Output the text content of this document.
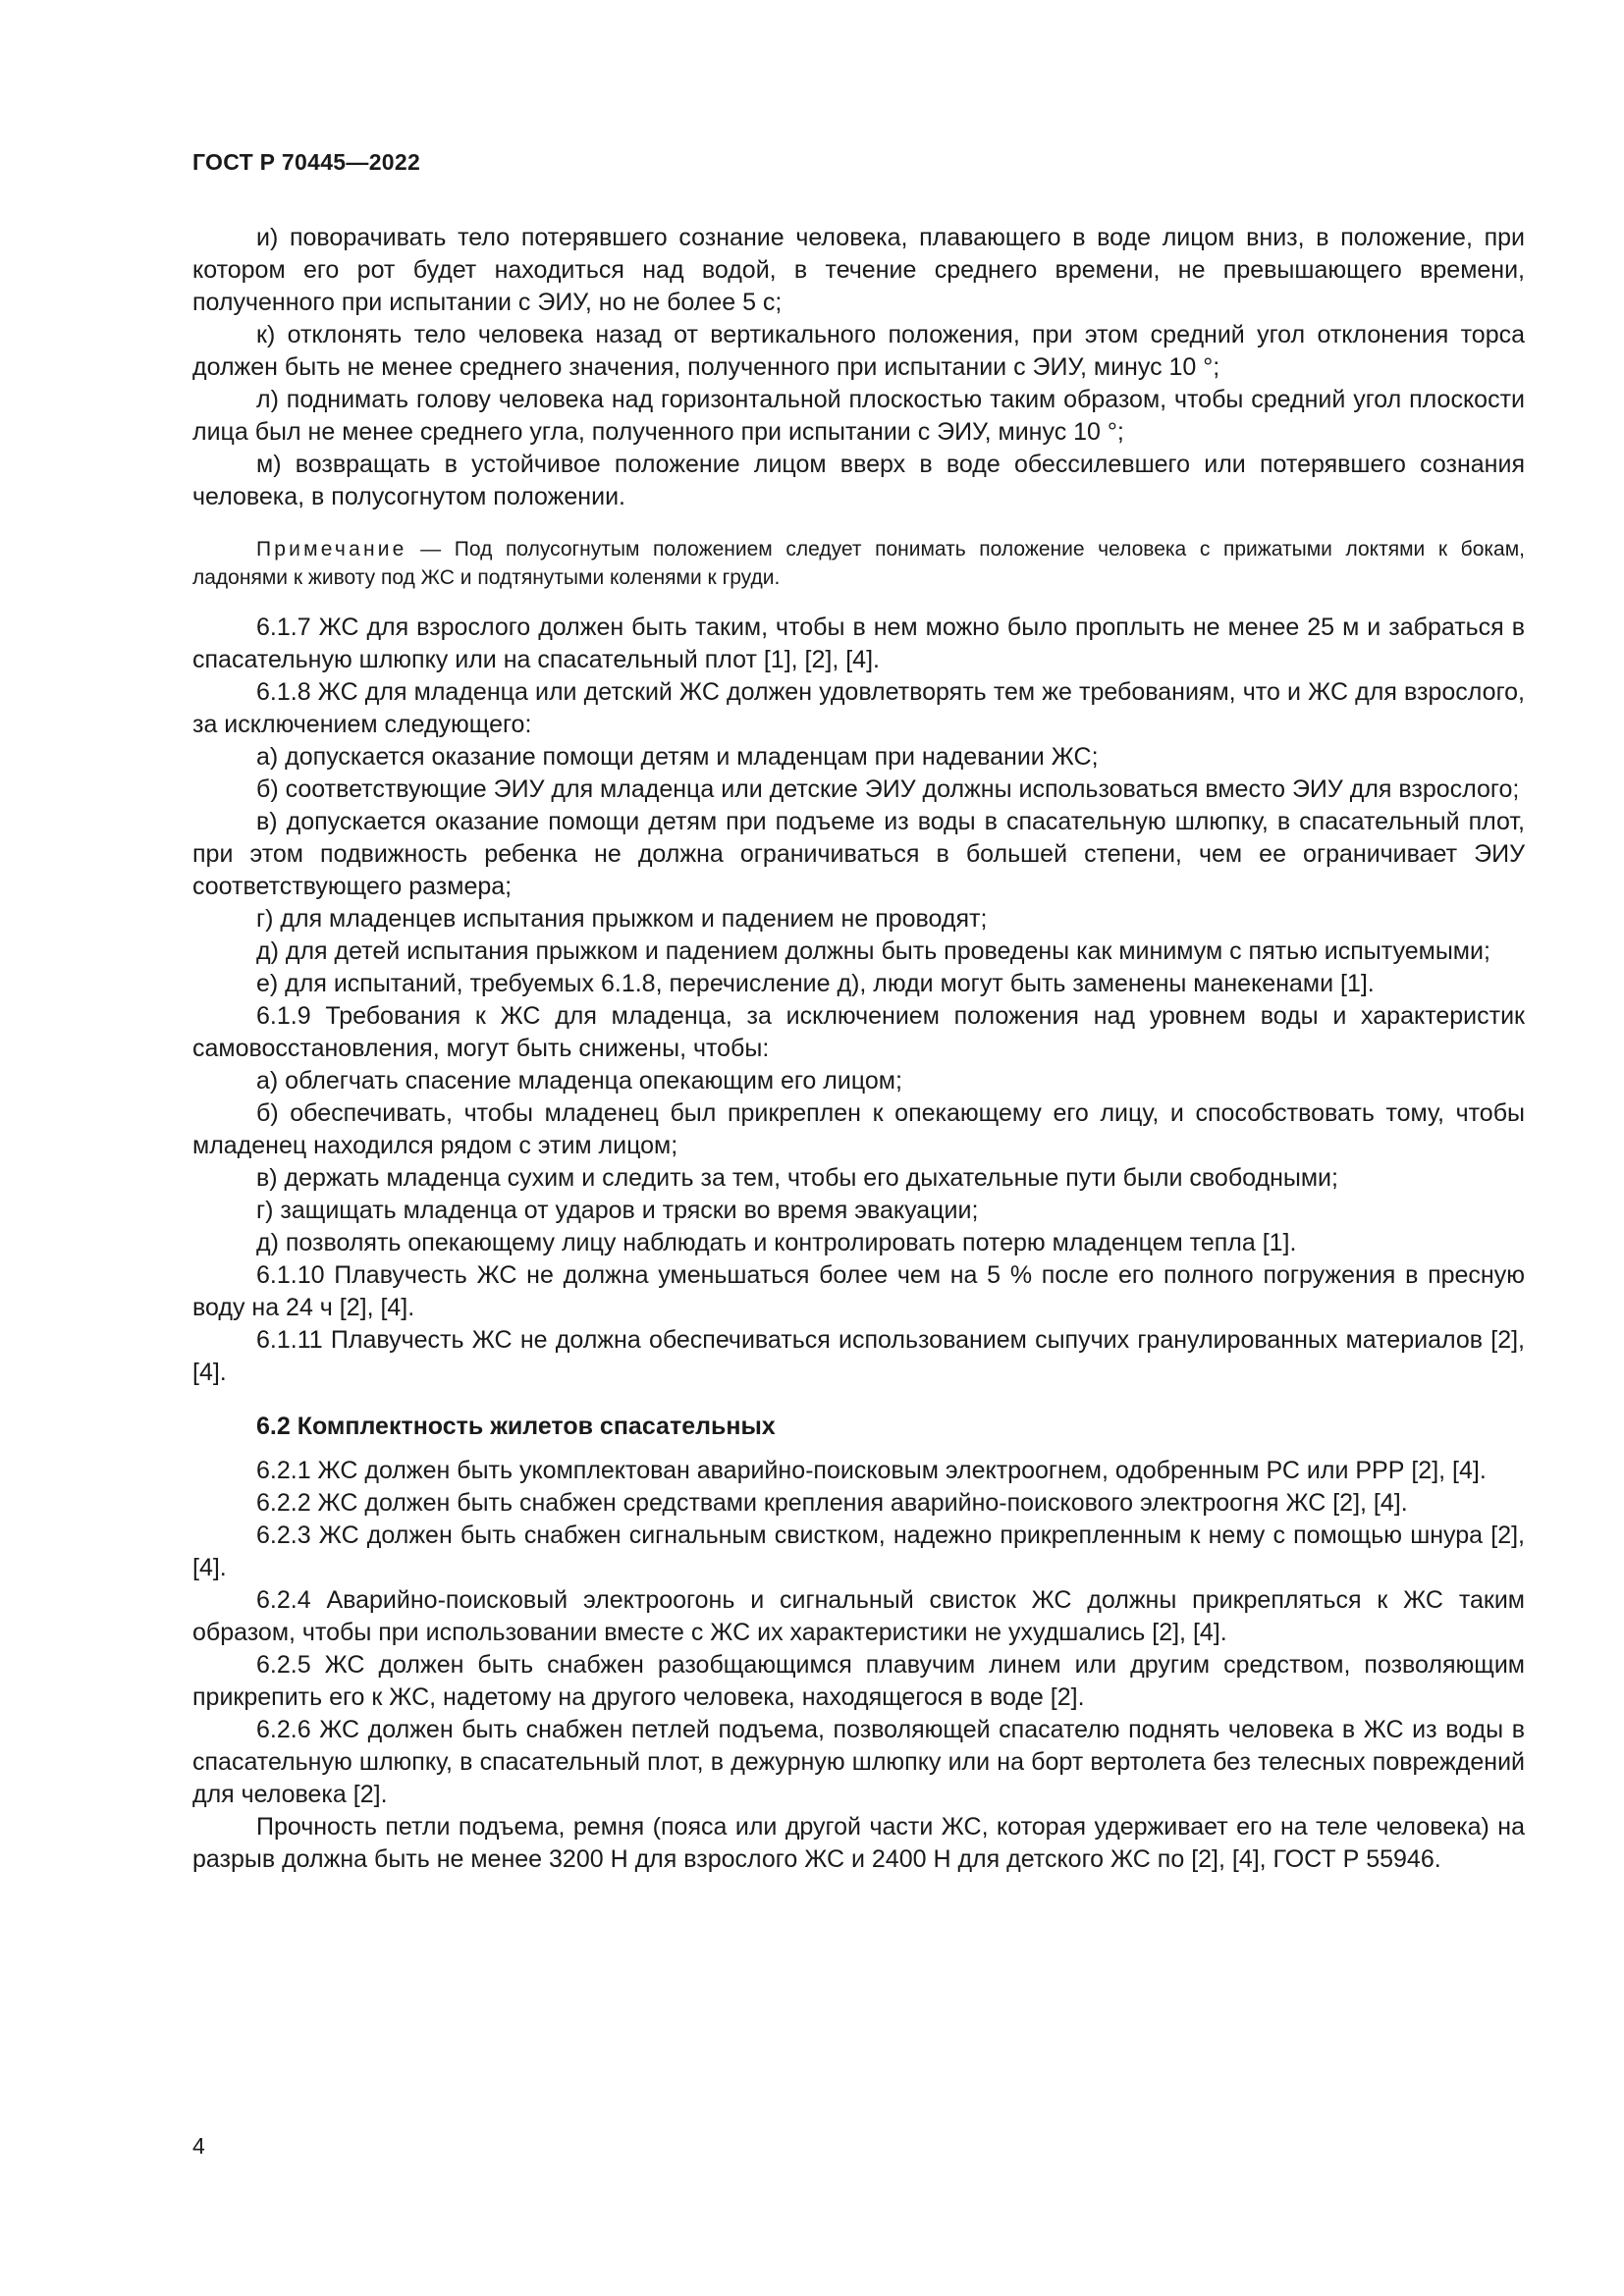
ГОСТ Р 70445—2022

и) поворачивать тело потерявшего сознание человека, плавающего в воде лицом вниз, в положение, при котором его рот будет находиться над водой, в течение среднего времени, не превышающего времени, полученного при испытании с ЭИУ, но не более 5 с;

к) отклонять тело человека назад от вертикального положения, при этом средний угол отклонения торса должен быть не менее среднего значения, полученного при испытании с ЭИУ, минус 10 °;

л) поднимать голову человека над горизонтальной плоскостью таким образом, чтобы средний угол плоскости лица был не менее среднего угла, полученного при испытании с ЭИУ, минус 10 °;

м) возвращать в устойчивое положение лицом вверх в воде обессилевшего или потерявшего сознания человека, в полусогнутом положении.

Примечание — Под полусогнутым положением следует понимать положение человека с прижатыми локтями к бокам, ладонями к животу под ЖС и подтянутыми коленями к груди.

6.1.7 ЖС для взрослого должен быть таким, чтобы в нем можно было проплыть не менее 25 м и забраться в спасательную шлюпку или на спасательный плот [1], [2], [4].

6.1.8 ЖС для младенца или детский ЖС должен удовлетворять тем же требованиям, что и ЖС для взрослого, за исключением следующего:

а) допускается оказание помощи детям и младенцам при надевании ЖС;

б) соответствующие ЭИУ для младенца или детские ЭИУ должны использоваться вместо ЭИУ для взрослого;

в) допускается оказание помощи детям при подъеме из воды в спасательную шлюпку, в спасательный плот, при этом подвижность ребенка не должна ограничиваться в большей степени, чем ее ограничивает ЭИУ соответствующего размера;

г) для младенцев испытания прыжком и падением не проводят;

д) для детей испытания прыжком и падением должны быть проведены как минимум с пятью испытуемыми;

е) для испытаний, требуемых 6.1.8, перечисление д), люди могут быть заменены манекенами [1].

6.1.9 Требования к ЖС для младенца, за исключением положения над уровнем воды и характеристик самовосстановления, могут быть снижены, чтобы:

а) облегчать спасение младенца опекающим его лицом;

б) обеспечивать, чтобы младенец был прикреплен к опекающему его лицу, и способствовать тому, чтобы младенец находился рядом с этим лицом;

в) держать младенца сухим и следить за тем, чтобы его дыхательные пути были свободными;

г) защищать младенца от ударов и тряски во время эвакуации;

д) позволять опекающему лицу наблюдать и контролировать потерю младенцем тепла [1].

6.1.10 Плавучесть ЖС не должна уменьшаться более чем на 5 % после его полного погружения в пресную воду на 24 ч [2], [4].

6.1.11 Плавучесть ЖС не должна обеспечиваться использованием сыпучих гранулированных материалов [2], [4].

6.2 Комплектность жилетов спасательных

6.2.1 ЖС должен быть укомплектован аварийно-поисковым электроогнем, одобренным РС или РРР [2], [4].

6.2.2 ЖС должен быть снабжен средствами крепления аварийно-поискового электроогня ЖС [2], [4].

6.2.3 ЖС должен быть снабжен сигнальным свистком, надежно прикрепленным к нему с помощью шнура [2], [4].

6.2.4 Аварийно-поисковый электроогонь и сигнальный свисток ЖС должны прикрепляться к ЖС таким образом, чтобы при использовании вместе с ЖС их характеристики не ухудшались [2], [4].

6.2.5 ЖС должен быть снабжен разобщающимся плавучим линем или другим средством, позволяющим прикрепить его к ЖС, надетому на другого человека, находящегося в воде [2].

6.2.6 ЖС должен быть снабжен петлей подъема, позволяющей спасателю поднять человека в ЖС из воды в спасательную шлюпку, в спасательный плот, в дежурную шлюпку или на борт вертолета без телесных повреждений для человека [2].

Прочность петли подъема, ремня (пояса или другой части ЖС, которая удерживает его на теле человека) на разрыв должна быть не менее 3200 Н для взрослого ЖС и 2400 Н для детского ЖС по [2], [4], ГОСТ Р 55946.

4
